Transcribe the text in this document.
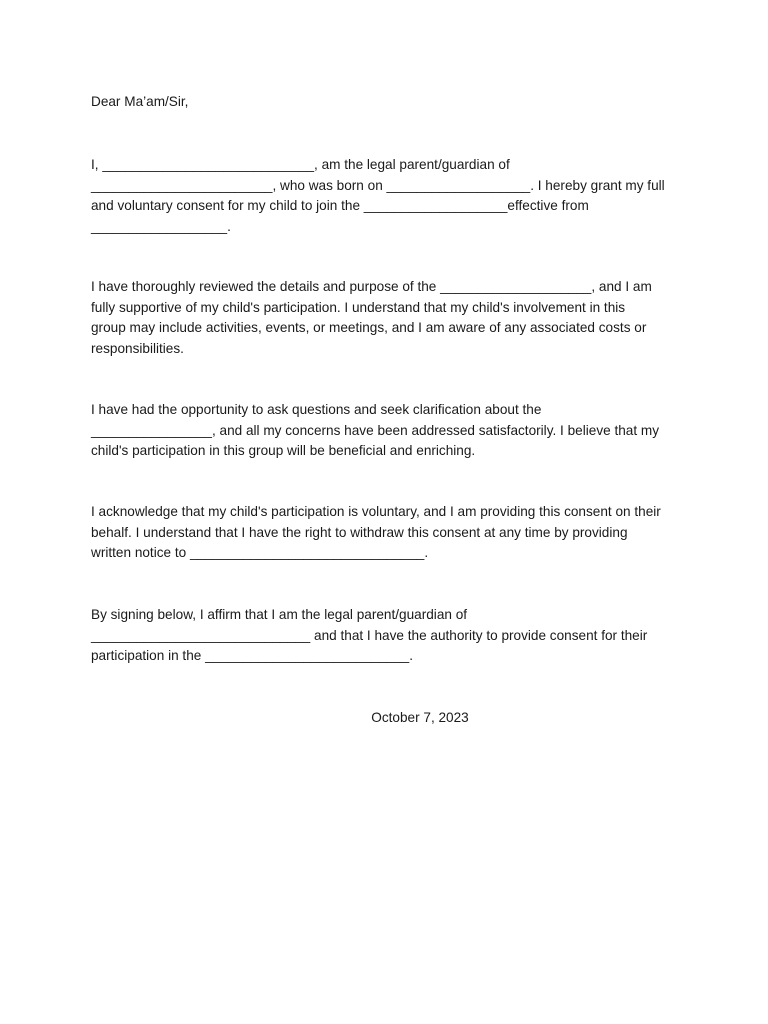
Dear Ma’am/Sir,

I, ____________________________, am the legal parent/guardian of
________________________, who was born on ___________________. I hereby grant my full
and voluntary consent for my child to join the ___________________effective from
__________________.

I have thoroughly reviewed the details and purpose of the ____________________, and I am
fully supportive of my child's participation. I understand that my child's involvement in this
group may include activities, events, or meetings, and I am aware of any associated costs or
responsibilities.

I have had the opportunity to ask questions and seek clarification about the
________________, and all my concerns have been addressed satisfactorily. I believe that my
child's participation in this group will be beneficial and enriching.

I acknowledge that my child's participation is voluntary, and I am providing this consent on their
behalf. I understand that I have the right to withdraw this consent at any time by providing
written notice to _______________________________.

By signing below, I affirm that I am the legal parent/guardian of
_____________________________ and that I have the authority to provide consent for their
participation in the ___________________________.

October 7, 2023
